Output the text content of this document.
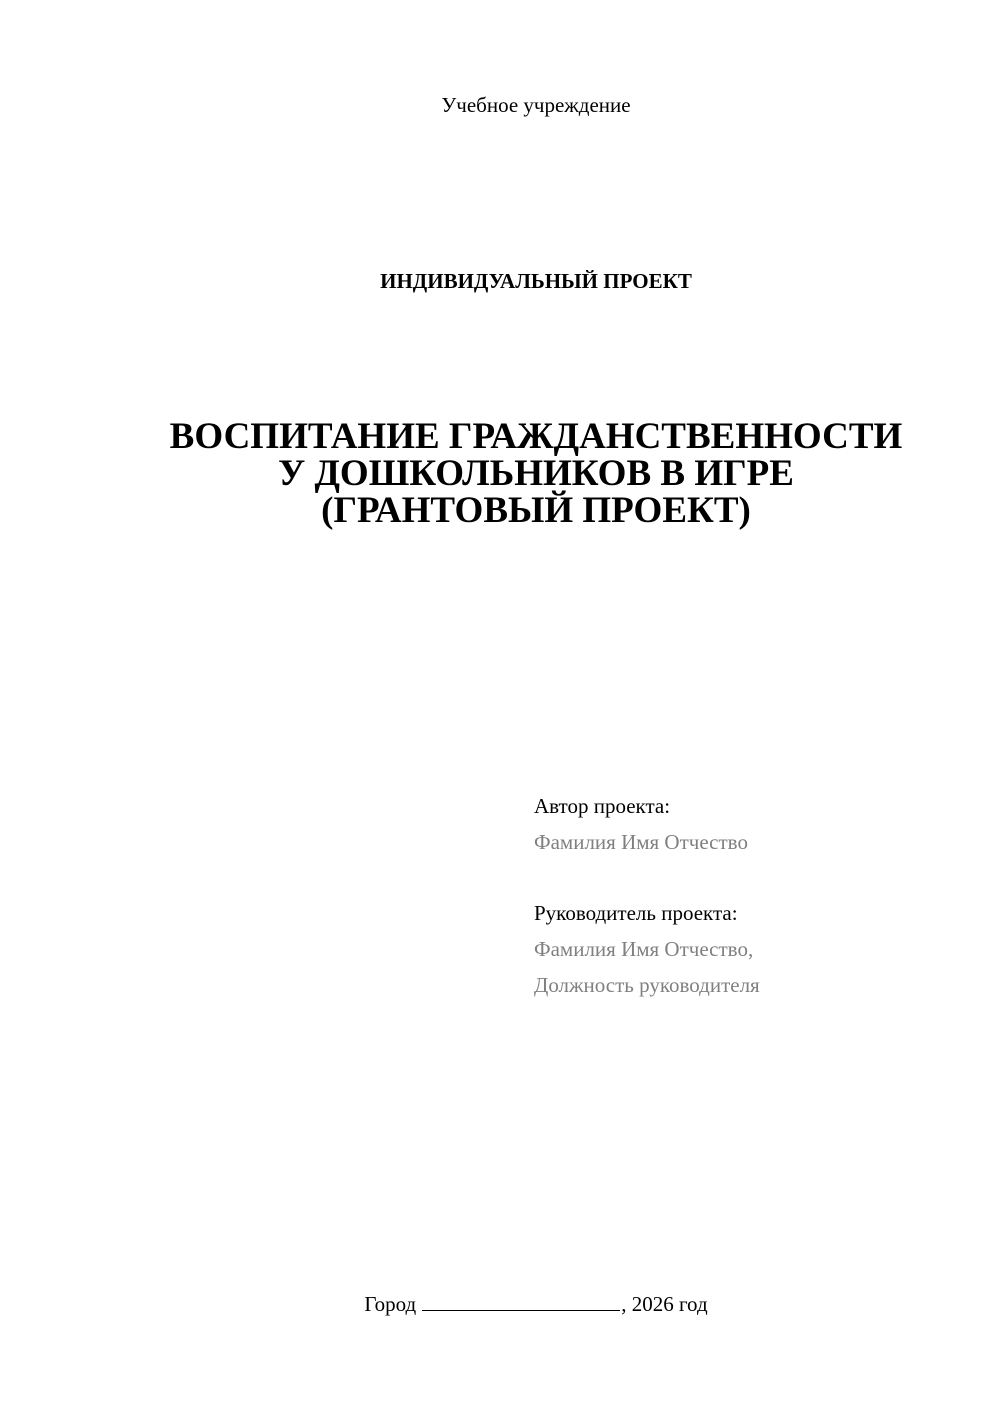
Учебное учреждение
ИНДИВИДУАЛЬНЫЙ ПРОЕКТ
ВОСПИТАНИЕ ГРАЖДАНСТВЕННОСТИ
У ДОШКОЛЬНИКОВ В ИГРЕ
(ГРАНТОВЫЙ ПРОЕКТ)
Автор проекта:
Фамилия Имя Отчество
Руководитель проекта:
Фамилия Имя Отчество,
Должность руководителя
Город	, 2026 год
